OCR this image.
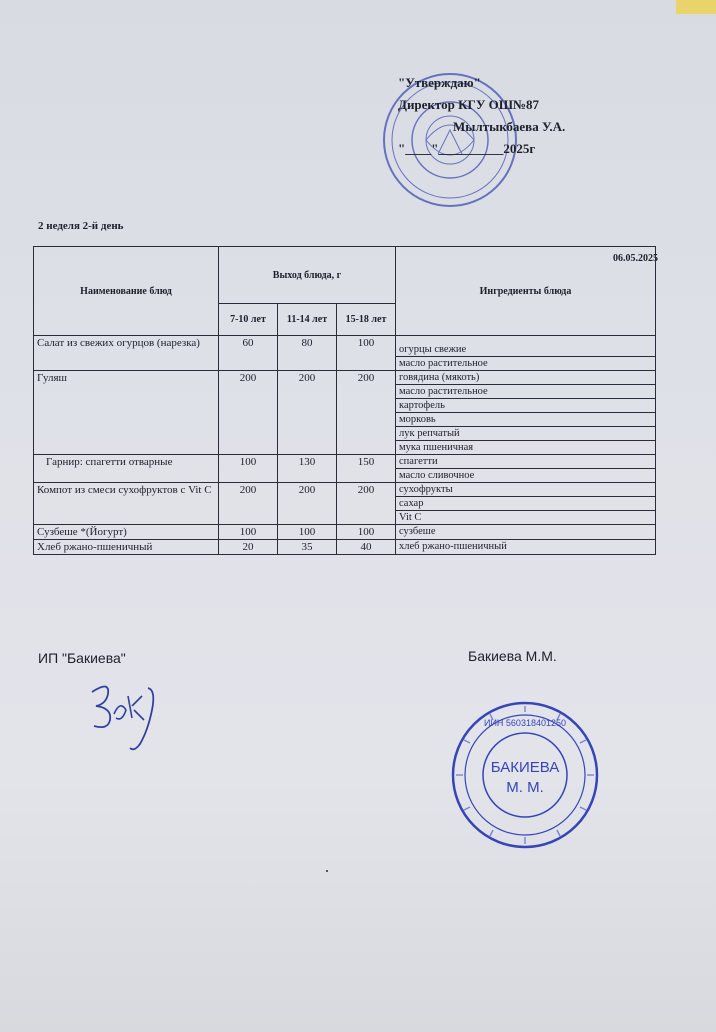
"Утверждаю"
Директор КГУ ОШ№87
Мылтыкбаева У.А.
"____"__________2025г
2 неделя 2-й день
06.05.2025
Наименование блюд	Выход блюда, г			Ингредиенты блюда
	7-10 лет	11-14 лет	15-18 лет	
Салат из свежих огурцов (нарезка)	60	80	100	огурцы свежие
				масло растительное
Гуляш	200	200	200	говядина (мякоть)
				масло растительное
				картофель
				морковь
				лук репчатый
				мука пшеничная
Гарнир: спагетти отварные	100	130	150	спагетти
				масло сливочное
Компот из смеси сухофруктов с Vit C	200	200	200	сухофрукты
				сахар
				Vit C
Сузбеше *(Йогурт)	100	100	100	сузбеше
Хлеб ржано-пшеничный	20	35	40	хлеб ржано-пшеничный
ИП "Бакиева"	Бакиева М.М.
ИИН 560318401250
БАКИЕВА
М. М.
